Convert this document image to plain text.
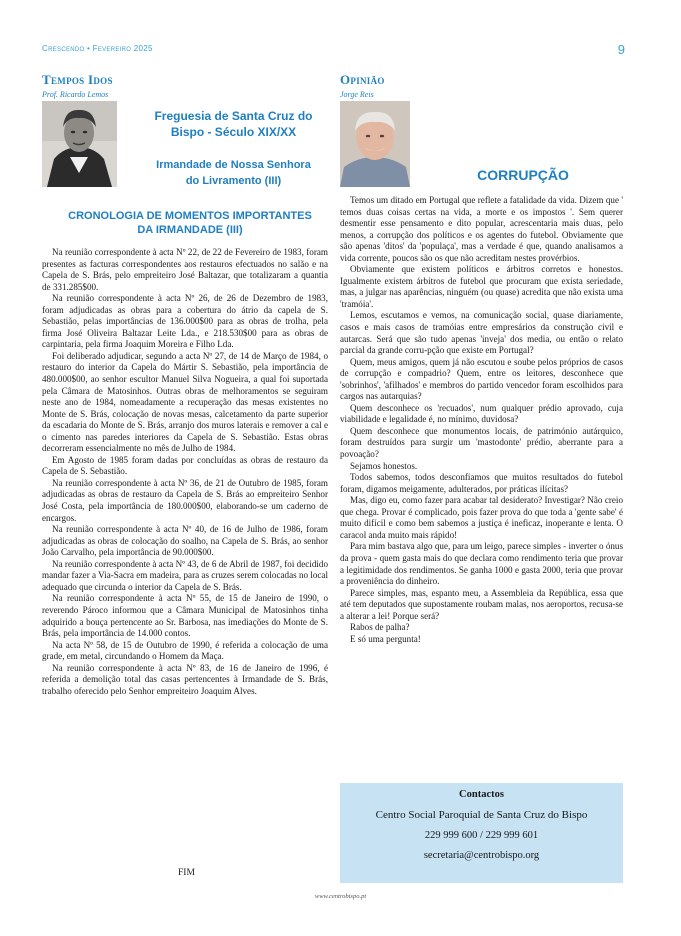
Crescendo • Fevereiro 2025	9
Tempos Idos
Prof. Ricardo Lemos
Freguesia de Santa Cruz do
Bispo - Século XIX/XX
Irmandade de Nossa Senhora
do Livramento (III)
CRONOLOGIA DE MOMENTOS IMPORTANTES
DA IRMANDADE (III)

Na reunião correspondente à acta Nº 22, de 22 de Fevereiro de 1983, foram presentes as facturas correspondentes aos restauros efectuados no salão e na Capela de S. Brás, pelo empreiteiro José Baltazar, que totalizaram a quantia de 331.285$00.

Na reunião correspondente à acta Nº 26, de 26 de Dezembro de 1983, foram adjudicadas as obras para a cobertura do átrio da capela de S. Sebastião, pelas importâncias de 136.000$00 para as obras de trolha, pela firma José Oliveira Baltazar Leite Lda., e 218.530$00 para as obras de carpintaria, pela firma Joaquim Moreira e Filho Lda.

Foi deliberado adjudicar, segundo a acta Nº 27, de 14 de Março de 1984, o restauro do interior da Capela do Mártir S. Sebastião, pela importância de 480.000$00, ao senhor escultor Manuel Silva Nogueira, a qual foi suportada pela Câmara de Matosinhos. Outras obras de melhoramentos se seguiram neste ano de 1984, nomeadamente a recuperação das mesas existentes no Monte de S. Brás, colocação de novas mesas, calcetamento da parte superior da escadaria do Monte de S. Brás, arranjo dos muros laterais e remover a cal e o cimento nas paredes interiores da Capela de S. Sebastião. Estas obras decorreram essencialmente no mês de Julho de 1984.

Em Agosto de 1985 foram dadas por concluídas as obras de restauro da Capela de S. Sebastião.

Na reunião correspondente à acta Nº 36, de 21 de Outubro de 1985, foram adjudicadas as obras de restauro da Capela de S. Brás ao empreiteiro Senhor José Costa, pela importância de 180.000$00, elaborando-se um caderno de encargos.

Na reunião correspondente à acta Nº 40, de 16 de Julho de 1986, foram adjudicadas as obras de colocação do soalho, na Capela de S. Brás, ao senhor João Carvalho, pela importância de 90.000$00.

Na reunião correspondente à acta Nº 43, de 6 de Abril de 1987, foi decidido mandar fazer a Via-Sacra em madeira, para as cruzes serem colocadas no local adequado que circunda o interior da Capela de S. Brás.

Na reunião correspondente à acta Nº 55, de 15 de Janeiro de 1990, o reverendo Pároco informou que a Câmara Municipal de Matosinhos tinha adquirido a bouça pertencente ao Sr. Barbosa, nas imediações do Monte de S. Brás, pela importância de 14.000 contos.

Na acta Nº 58, de 15 de Outubro de 1990, é referida a colocação de uma grade, em metal, circundando o Homem da Maça.

Na reunião correspondente à acta Nº 83, de 16 de Janeiro de 1996, é referida a demolição total das casas pertencentes à Irmandade de S. Brás, trabalho oferecido pelo Senhor empreiteiro Joaquim Alves.

FIM
Opinião
Jorge Reis
CORRUPÇÃO

Temos um ditado em Portugal que reflete a fatalidade da vida. Dizem que ' temos duas coisas certas na vida, a morte e os impostos '. Sem querer desmentir esse pensamento e dito popular, acrescentaria mais duas, pelo menos, a corrupção dos políticos e os agentes do futebol. Obviamente que são apenas 'ditos' da 'populaça', mas a verdade é que, quando analisamos a vida corrente, poucos são os que não acreditam nestes provérbios.

Obviamente que existem políticos e árbitros corretos e honestos. Igualmente existem árbitros de futebol que procuram que exista seriedade, mas, a julgar nas aparências, ninguém (ou quase) acredita que não exista uma 'tramóia'.

Lemos, escutamos e vemos, na comunicação social, quase diariamente, casos e mais casos de tramóias entre empresários da construção civil e autarcas. Será que são tudo apenas 'inveja' dos media, ou então o relato parcial da grande corru-pção que existe em Portugal?

Quem, meus amigos, quem já não escutou e soube pelos próprios de casos de corrupção e compadrio? Quem, entre os leitores, desconhece que 'sobrinhos', 'afilhados' e membros do partido vencedor foram escolhidos para cargos nas autarquias?

Quem desconhece os 'recuados', num qualquer prédio aprovado, cuja viabilidade e legalidade é, no mínimo, duvidosa?

Quem desconhece que monumentos locais, de património autárquico, foram destruídos para surgir um 'mastodonte' prédio, aberrante para a povoação?

Sejamos honestos.

Todos sabemos, todos desconfiamos que muitos resultados do futebol foram, digamos meigamente, adulterados, por práticas ilícitas?

Mas, digo eu, como fazer para acabar tal desiderato? Investigar? Não creio que chega. Provar é complicado, pois fazer prova do que toda a 'gente sabe' é muito difícil e como bem sabemos a justiça é ineficaz, inoperante e lenta. O caracol anda muito mais rápido!

Para mim bastava algo que, para um leigo, parece simples - inverter o ónus da prova - quem gasta mais do que declara como rendimento teria que provar a legitimidade dos rendimentos. Se ganha 1000 e gasta 2000, teria que provar a proveniência do dinheiro.

Parece simples, mas, espanto meu, a Assembleia da República, essa que até tem deputados que supostamente roubam malas, nos aeroportos, recusa-se a alterar a lei! Porque será?

Rabos de palha?

E só uma pergunta!

Contactos
Centro Social Paroquial de Santa Cruz do Bispo
229 999 600 / 229 999 601
secretaria@centrobispo.org
www.centrobispo.pt
